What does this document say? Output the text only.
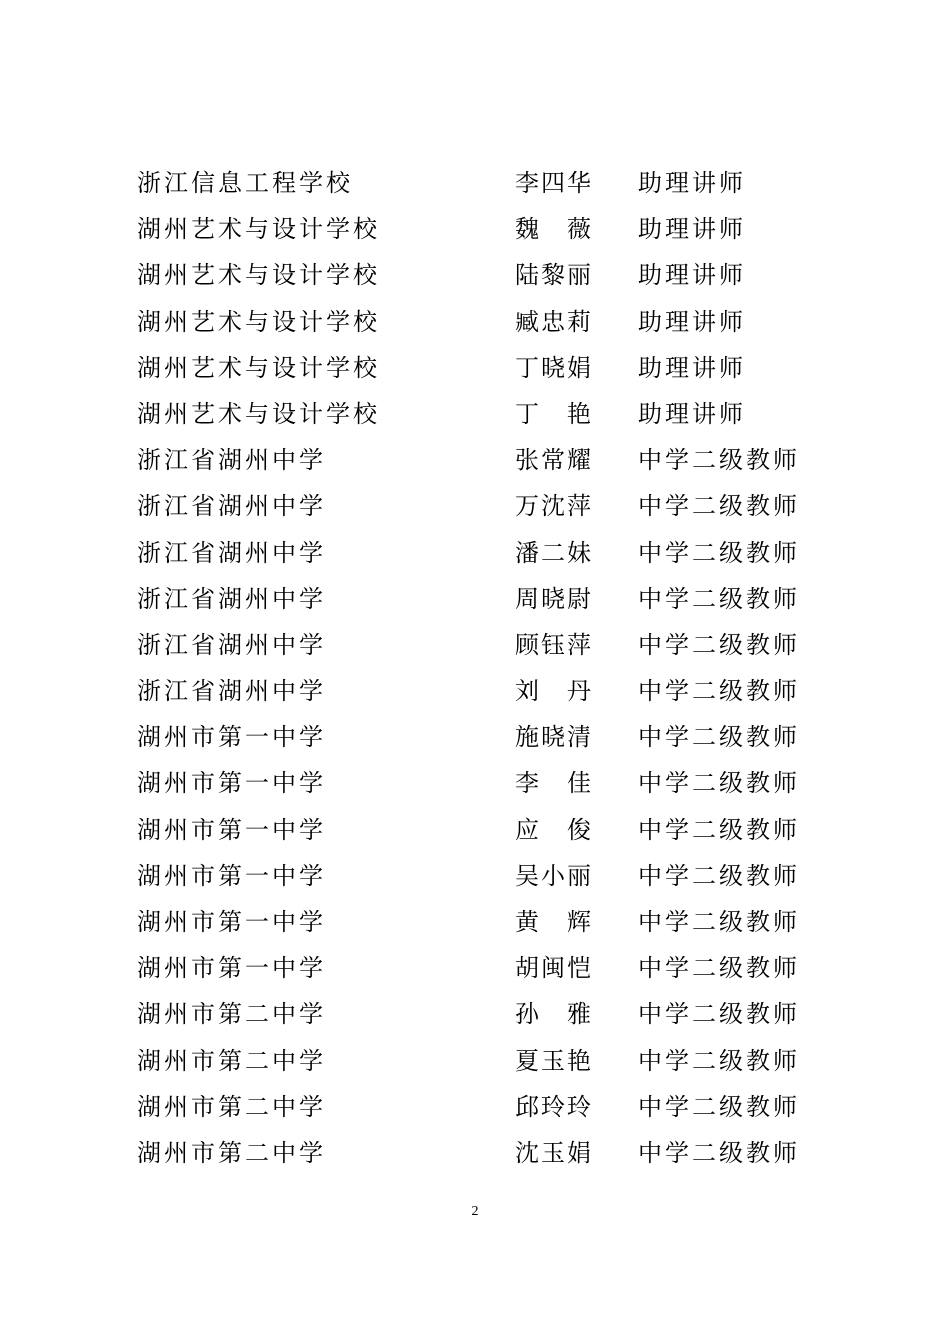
浙江信息工程学校	李四华 助理讲师
湖州艺术与设计学校	魏　薇 助理讲师
湖州艺术与设计学校	陆黎丽 助理讲师
湖州艺术与设计学校	臧忠莉 助理讲师
湖州艺术与设计学校	丁晓娟 助理讲师
湖州艺术与设计学校	丁　艳 助理讲师
浙江省湖州中学	张常耀 中学二级教师
浙江省湖州中学	万沈萍 中学二级教师
浙江省湖州中学	潘二妹 中学二级教师
浙江省湖州中学	周晓尉 中学二级教师
浙江省湖州中学	顾钰萍 中学二级教师
浙江省湖州中学	刘　丹 中学二级教师
湖州市第一中学	施晓清 中学二级教师
湖州市第一中学	李　佳 中学二级教师
湖州市第一中学	应　俊 中学二级教师
湖州市第一中学	吴小丽 中学二级教师
湖州市第一中学	黄　辉 中学二级教师
湖州市第一中学	胡闽恺 中学二级教师
湖州市第二中学	孙　雅 中学二级教师
湖州市第二中学	夏玉艳 中学二级教师
湖州市第二中学	邱玲玲 中学二级教师
湖州市第二中学	沈玉娟 中学二级教师
2
